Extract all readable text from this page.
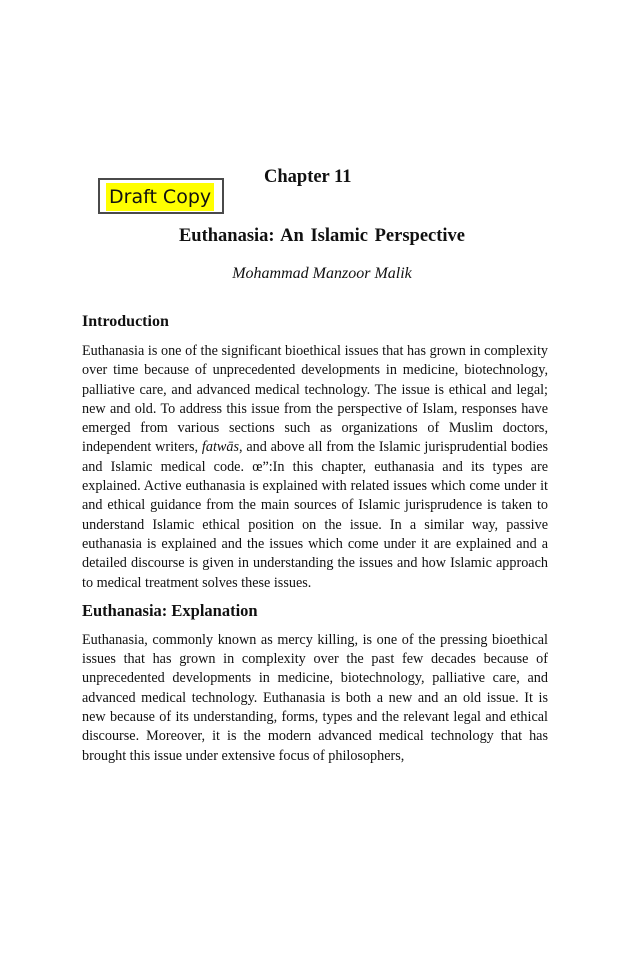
Draft Copy
Chapter 11
Euthanasia: An Islamic Perspective
Mohammad Manzoor Malik
Introduction

Euthanasia is one of the significant bioethical issues that has grown in complexity over time because of unprecedented developments in medicine, biotechnology, palliative care, and advanced medical technology. The issue is ethical and legal; new and old. To address this issue from the perspective of Islam, responses have emerged from various sections such as organizations of Muslim doctors, independent writers, fatwās, and above all from the Islamic jurisprudential bodies and Islamic medical code. œ”:In this chapter, euthanasia and its types are explained. Active euthanasia is explained with related issues which come under it and ethical guidance from the main sources of Islamic jurisprudence is taken to understand Islamic ethical position on the issue. In a similar way, passive euthanasia is explained and the issues which come under it are explained and a detailed discourse is given in understanding the issues and how Islamic approach to medical treatment solves these issues.

Euthanasia: Explanation

Euthanasia, commonly known as mercy killing, is one of the pressing bioethical issues that has grown in complexity over the past few decades because of unprecedented developments in medicine, biotechnology, palliative care, and advanced medical technology. Euthanasia is both a new and an old issue. It is new because of its understanding, forms, types and the relevant legal and ethical discourse. Moreover, it is the modern advanced medical technology that has brought this issue under extensive focus of philosophers,
